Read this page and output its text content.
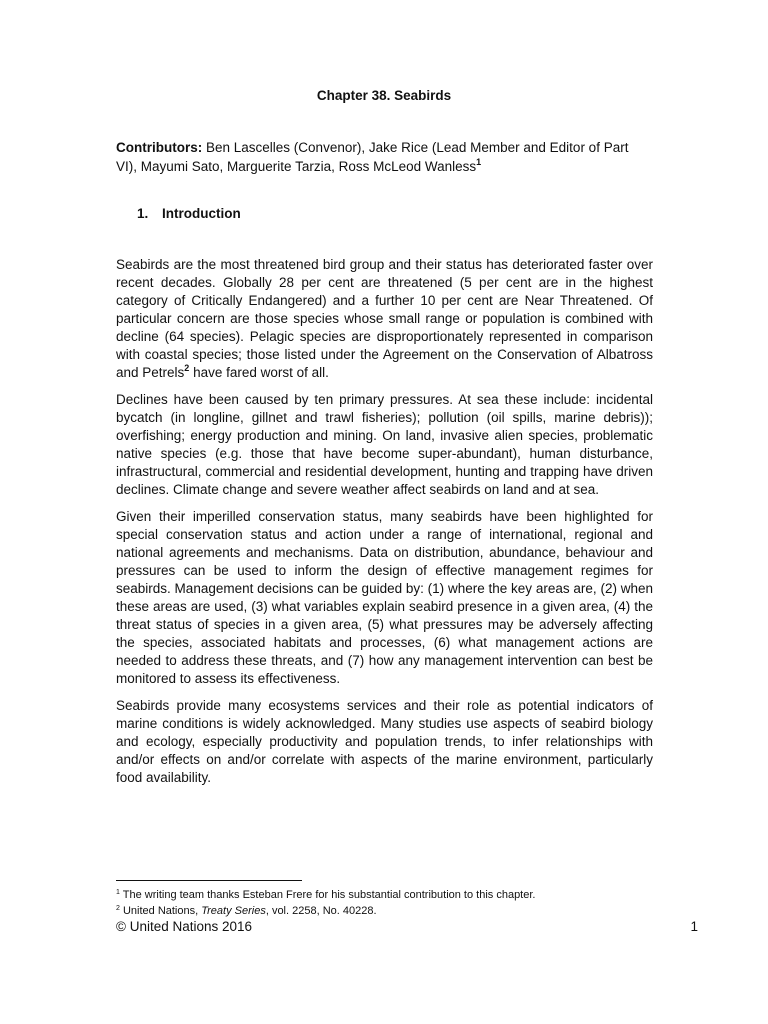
Chapter 38. Seabirds
Contributors: Ben Lascelles (Convenor), Jake Rice (Lead Member and Editor of Part VI), Mayumi Sato, Marguerite Tarzia, Ross McLeod Wanless$^1$
1. Introduction

Seabirds are the most threatened bird group and their status has deteriorated faster over recent decades. Globally 28 per cent are threatened (5 per cent are in the highest category of Critically Endangered) and a further 10 per cent are Near Threatened. Of particular concern are those species whose small range or population is combined with decline (64 species). Pelagic species are disproportionately represented in comparison with coastal species; those listed under the Agreement on the Conservation of Albatross and Petrels$^2$ have fared worst of all.

Declines have been caused by ten primary pressures. At sea these include: incidental bycatch (in longline, gillnet and trawl fisheries); pollution (oil spills, marine debris)); overfishing; energy production and mining. On land, invasive alien species, problematic native species (e.g. those that have become super-abundant), human disturbance, infrastructural, commercial and residential development, hunting and trapping have driven declines. Climate change and severe weather affect seabirds on land and at sea.

Given their imperilled conservation status, many seabirds have been highlighted for special conservation status and action under a range of international, regional and national agreements and mechanisms. Data on distribution, abundance, behaviour and pressures can be used to inform the design of effective management regimes for seabirds. Management decisions can be guided by: (1) where the key areas are, (2) when these areas are used, (3) what variables explain seabird presence in a given area, (4) the threat status of species in a given area, (5) what pressures may be adversely affecting the species, associated habitats and processes, (6) what management actions are needed to address these threats, and (7) how any management intervention can best be monitored to assess its effectiveness.

Seabirds provide many ecosystems services and their role as potential indicators of marine conditions is widely acknowledged. Many studies use aspects of seabird biology and ecology, especially productivity and population trends, to infer relationships with and/or effects on and/or correlate with aspects of the marine environment, particularly food availability.

$^1$ The writing team thanks Esteban Frere for his substantial contribution to this chapter.
$^2$ United Nations, Treaty Series, vol. 2258, No. 40228.
© United Nations 2016	1
